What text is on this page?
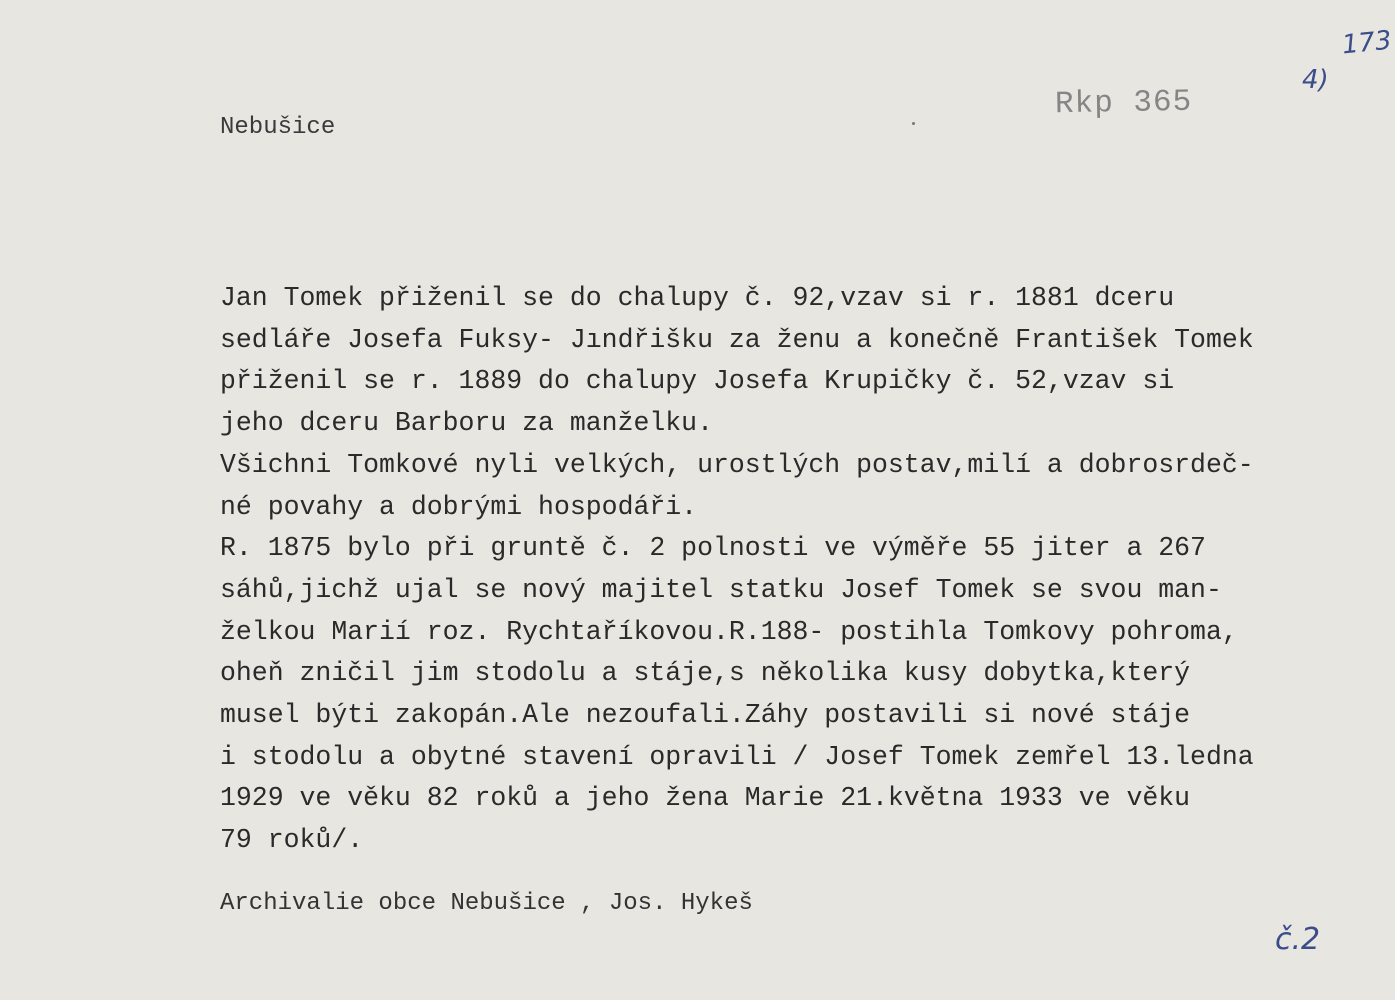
173
4)
Nebušice
Rkp 365
Jan Tomek přiženil se do chalupy č. 92,vzav si r. 1881 dceru
sedláře Josefa Fuksy- Jındřišku za ženu a konečně František Tomek
přiženil se r. 1889 do chalupy Josefa Krupičky č. 52,vzav si
jeho dceru Barboru za manželku.
Všichni Tomkové nyli velkých, urostlých postav,milí a dobrosrdeč-
né povahy a dobrými hospodáři.
R. 1875 bylo při gruntě č. 2 polnosti ve výměře 55 jiter a 267
sáhů,jichž ujal se nový majitel statku Josef Tomek se svou man-
želkou Marií roz. Rychtaříkovou.R.188- postihla Tomkovy pohroma,
oheň zničil jim stodolu a stáje,s několika kusy dobytka,který
musel býti zakopán.Ale nezoufali.Záhy postavili si nové stáje
i stodolu a obytné stavení opravili / Josef Tomek zemřel 13.ledna
1929 ve věku 82 roků a jeho žena Marie 21.května 1933 ve věku
79 roků/.
Archivalie obce Nebušice , Jos. Hykeš
č.2
